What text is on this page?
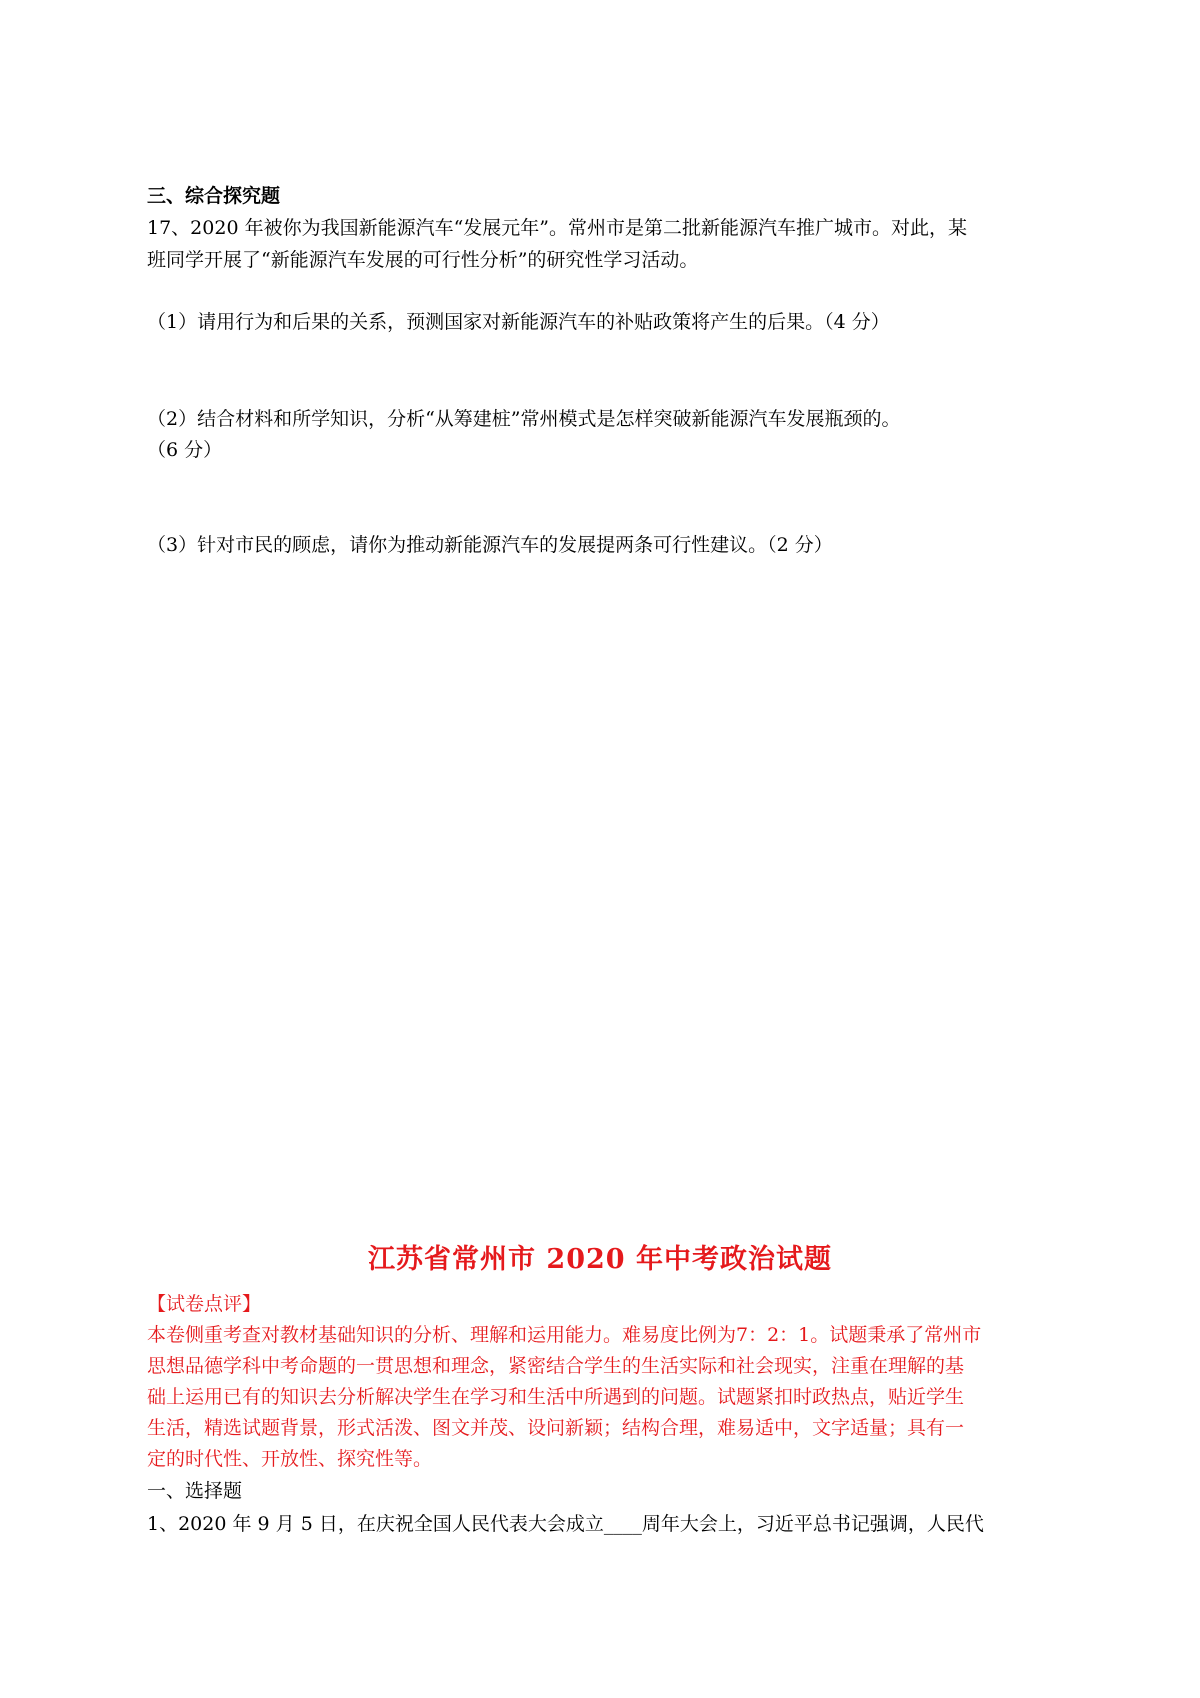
三、综合探究题
17、2020 年被你为我国新能源汽车“发展元年”。常州市是第二批新能源汽车推广城市。对此，某
班同学开展了“新能源汽车发展的可行性分析”的研究性学习活动。
（1）请用行为和后果的关系，预测国家对新能源汽车的补贴政策将产生的后果。（4 分）
（2）结合材料和所学知识，分析“从筹建桩”常州模式是怎样突破新能源汽车发展瓶颈的。
（6 分）
（3）针对市民的顾虑，请你为推动新能源汽车的发展提两条可行性建议。（2 分）
江苏省常州市 2020 年中考政治试题
【试卷点评】
本卷侧重考查对教材基础知识的分析、理解和运用能力。难易度比例为7：2：1。试题秉承了常州市
思想品德学科中考命题的一贯思想和理念，紧密结合学生的生活实际和社会现实，注重在理解的基
础上运用已有的知识去分析解决学生在学习和生活中所遇到的问题。试题紧扣时政热点，贴近学生
生活，精选试题背景，形式活泼、图文并茂、设问新颖；结构合理，难易适中，文字适量；具有一
定的时代性、开放性、探究性等。
一、选择题
1、2020 年 9 月 5 日，在庆祝全国人民代表大会成立____周年大会上，习近平总书记强调，人民代
